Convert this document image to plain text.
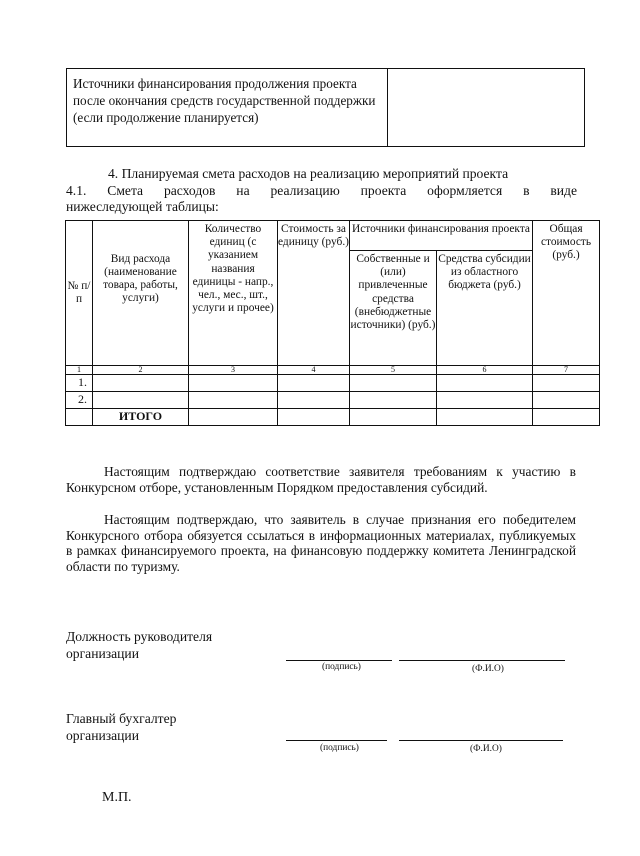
Источники финансирования продолжения проекта после окончания средств государственной поддержки (если продолжение планируется)
4. Планируемая смета расходов на реализацию мероприятий проекта
4.1. Смета расходов на реализацию проекта оформляется в виде
нижеследующей таблицы:
№ п/п	Вид расхода (наименование товара, работы, услуги)	Количество единиц (с указанием названия единицы - напр., чел., мес., шт., услуги и прочее)	Стоимость за единицу (руб.)	Источники финансирования проекта		Общая стоимость (руб.)
				Собственные и (или) привлеченные средства (внебюджетные источники) (руб.)	Средства субсидии из областного бюджета (руб.)	
1	2	3	4	5	6	7
1.						
2.						
	ИТОГО					
Настоящим подтверждаю соответствие заявителя требованиям к участию в Конкурсном отборе, установленным Порядком предоставления субсидий.
Настоящим подтверждаю, что заявитель в случае признания его победителем Конкурсного отбора обязуется ссылаться в информационных материалах, публикуемых в рамках финансируемого проекта, на финансовую поддержку комитета Ленинградской области по туризму.
Должность руководителя организации
(подпись)	(Ф.И.О)
Главный бухгалтер организации
(подпись)	(Ф.И.О)
М.П.
